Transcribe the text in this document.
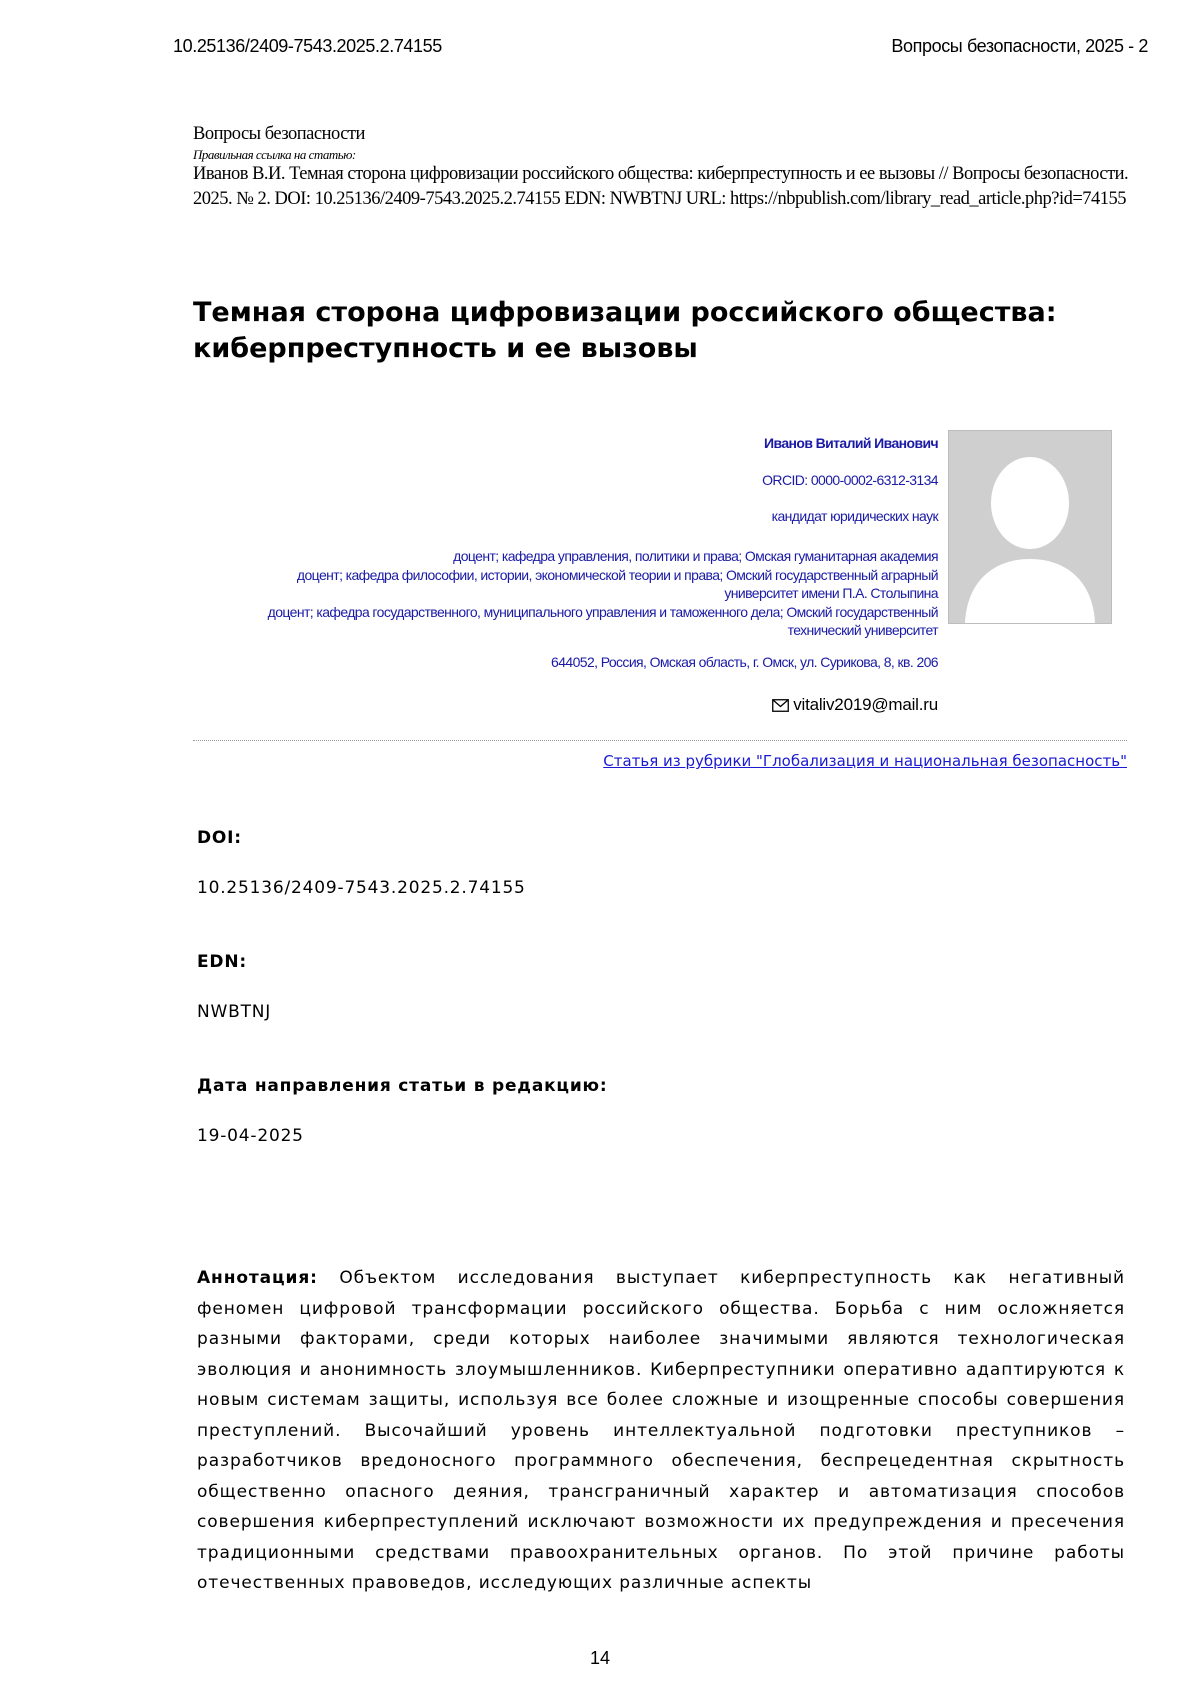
10.25136/2409-7543.2025.2.74155	Вопросы безопасности, 2025 - 2
Вопросы безопасности
Правильная ссылка на статью:
Иванов В.И. Темная сторона цифровизации российского общества: киберпреступность и ее вызовы // Вопросы безопасности. 2025. № 2. DOI: 10.25136/2409-7543.2025.2.74155 EDN: NWBTNJ URL: https://nbpublish.com/library_read_article.php?id=74155
Темная сторона цифровизации российского общества: киберпреступность и ее вызовы
Иванов Виталий Иванович
ORCID: 0000-0002-6312-3134
кандидат юридических наук
доцент; кафедра управления, политики и права; Омская гуманитарная академия
доцент; кафедра философии, истории, экономической теории и права; Омский государственный аграрный университет имени П.А. Столыпина
доцент; кафедра государственного, муниципального управления и таможенного дела; Омский государственный технический университет
644052, Россия, Омская область, г. Омск, ул. Сурикова, 8, кв. 206
vitaliv2019@mail.ru
Статья из рубрики "Глобализация и национальная безопасность"
DOI:
10.25136/2409-7543.2025.2.74155
EDN:
NWBTNJ
Дата направления статьи в редакцию:
19-04-2025
Аннотация: Объектом исследования выступает киберпреступность как негативный феномен цифровой трансформации российского общества. Борьба с ним осложняется разными факторами, среди которых наиболее значимыми являются технологическая эволюция и анонимность злоумышленников. Киберпреступники оперативно адаптируются к новым системам защиты, используя все более сложные и изощренные способы совершения преступлений. Высочайший уровень интеллектуальной подготовки преступников – разработчиков вредоносного программного обеспечения, беспрецедентная скрытность общественно опасного деяния, трансграничный характер и автоматизация способов совершения киберпреступлений исключают возможности их предупреждения и пресечения традиционными средствами правоохранительных органов. По этой причине работы отечественных правоведов, исследующих различные аспекты
14
